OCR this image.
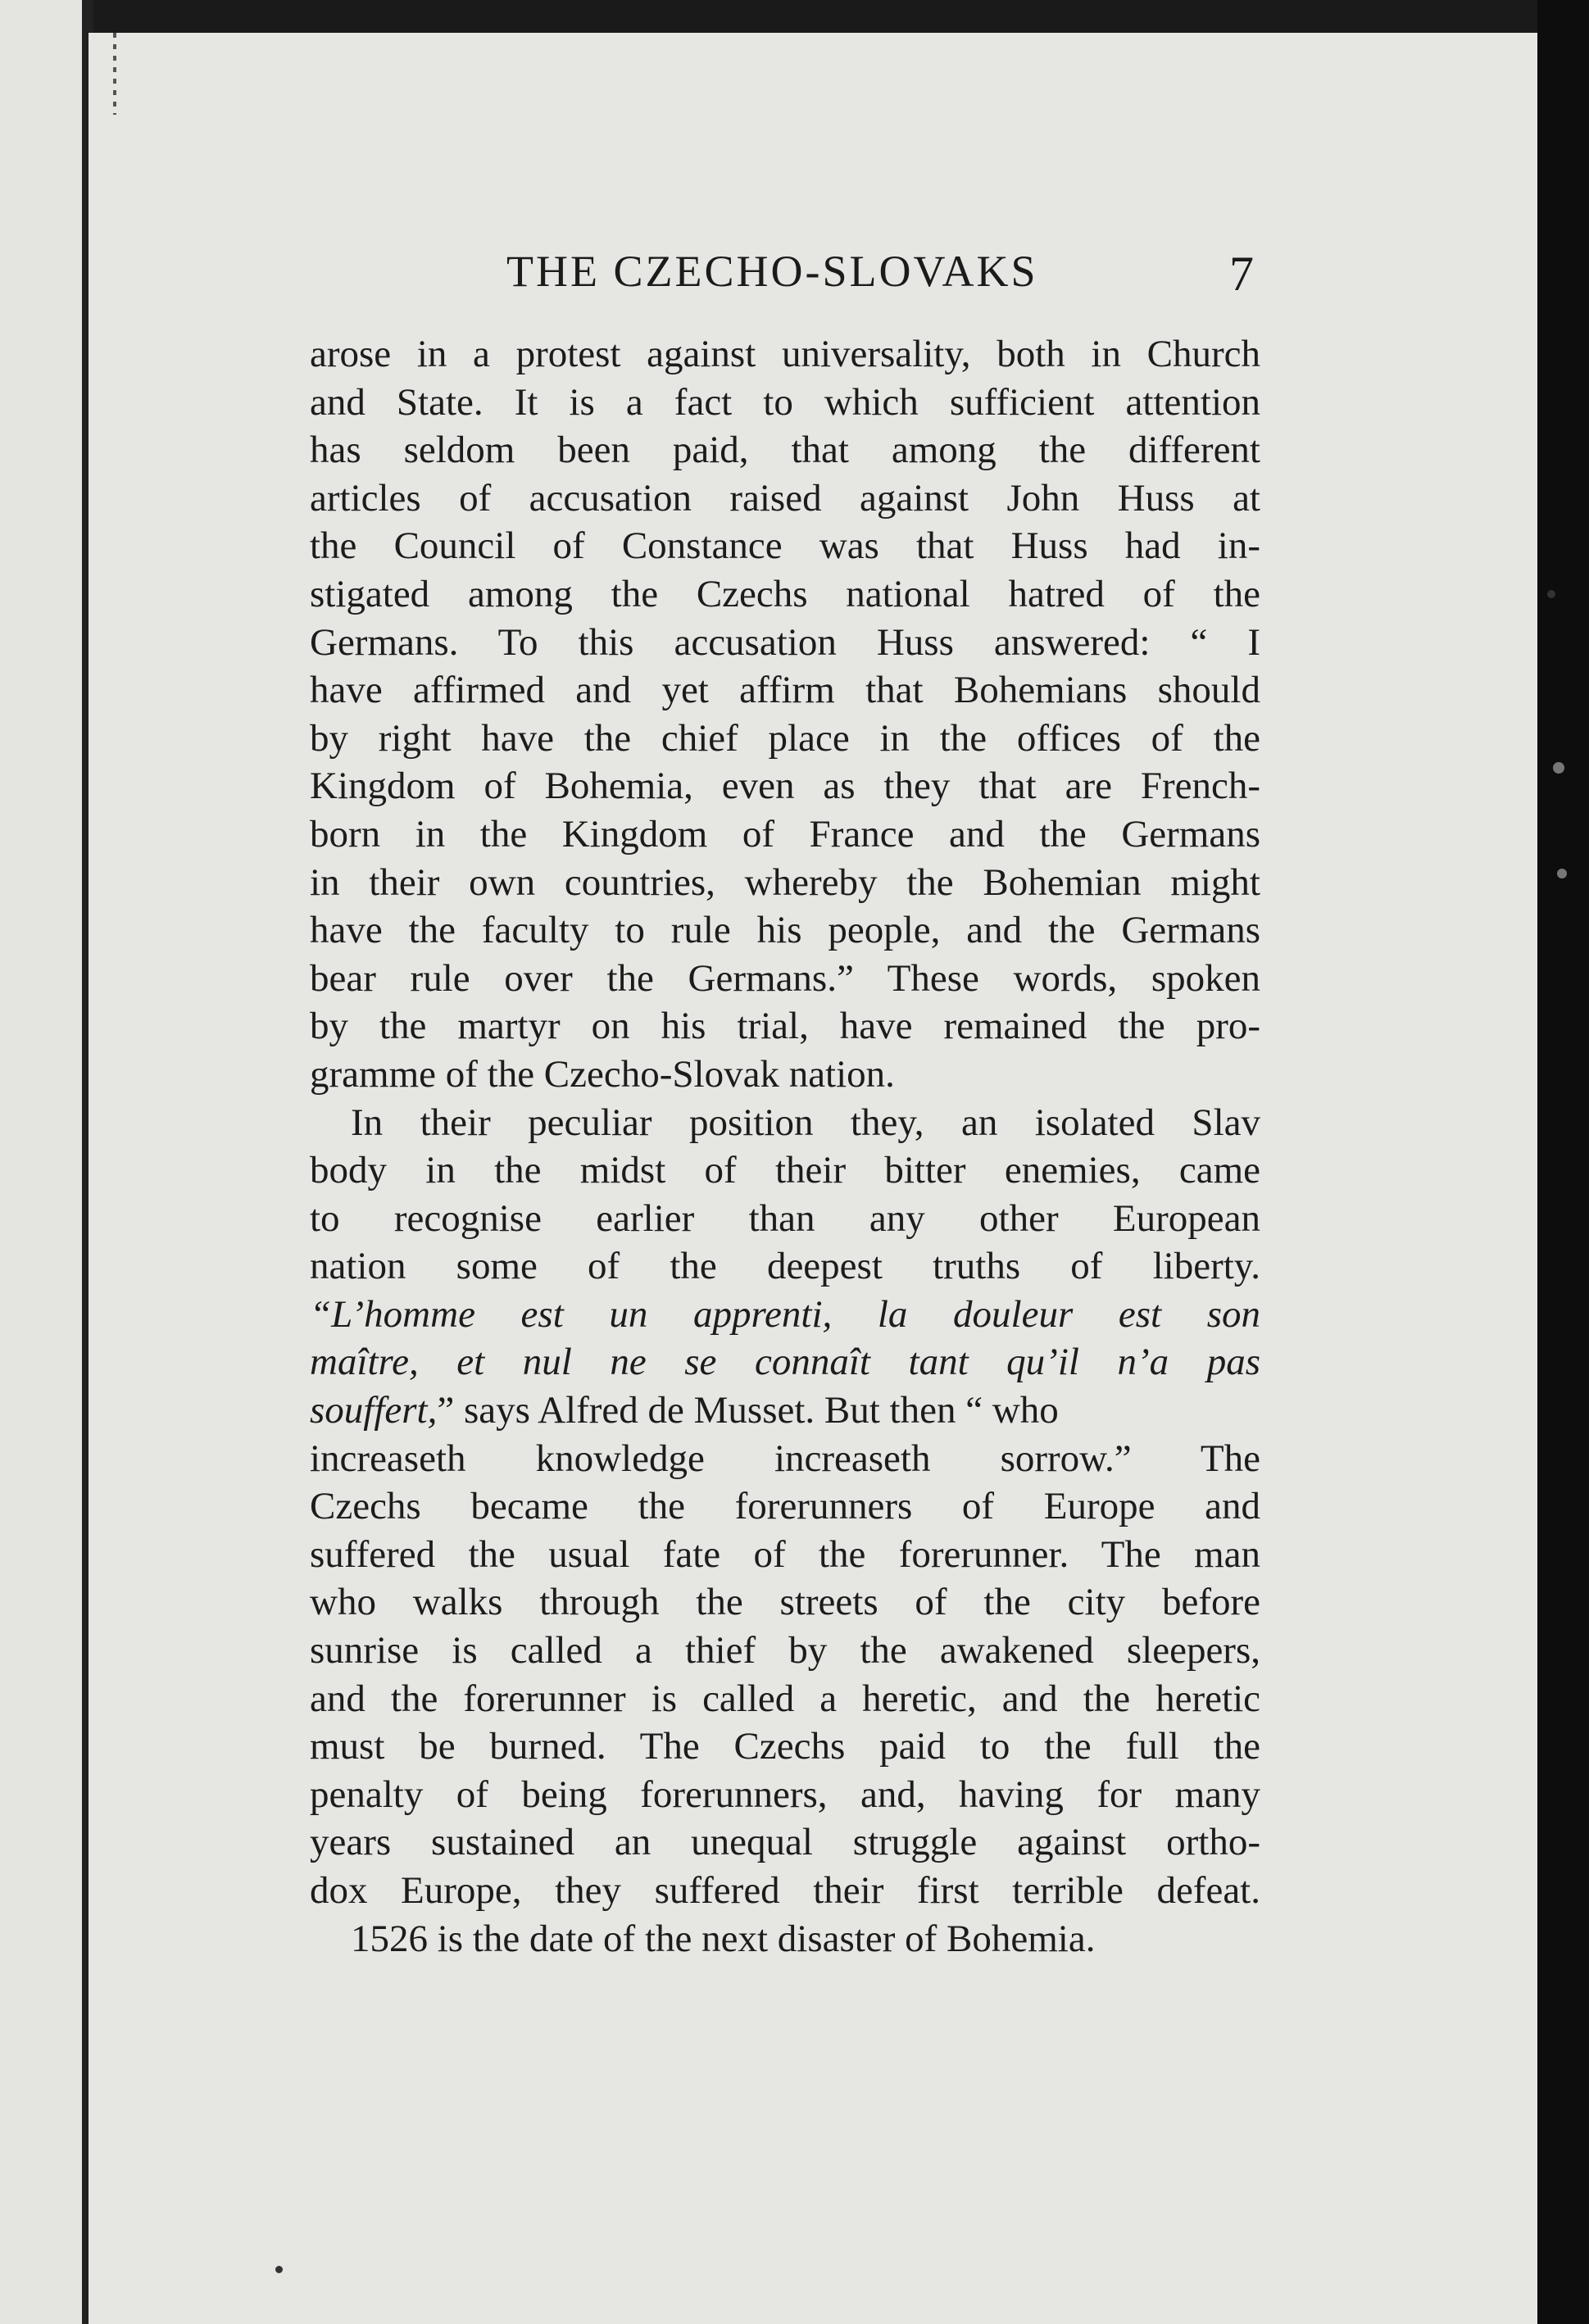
THE CZECHO-SLOVAKS	7
arose in a protest against universality, both in Church
and State. It is a fact to which sufficient attention
has seldom been paid, that among the different
articles of accusation raised against John Huss at
the Council of Constance was that Huss had in-
stigated among the Czechs national hatred of the
Germans. To this accusation Huss answered: “ I
have affirmed and yet affirm that Bohemians should
by right have the chief place in the offices of the
Kingdom of Bohemia, even as they that are French-
born in the Kingdom of France and the Germans
in their own countries, whereby the Bohemian might
have the faculty to rule his people, and the Germans
bear rule over the Germans.” These words, spoken
by the martyr on his trial, have remained the pro-
gramme of the Czecho-Slovak nation.
In their peculiar position they, an isolated Slav
body in the midst of their bitter enemies, came
to recognise earlier than any other European
nation some of the deepest truths of liberty.
“L’homme est un apprenti, la douleur est son
maître, et nul ne se connaît tant qu’il n’a pas
souffert,” says Alfred de Musset. But then “ who
increaseth knowledge increaseth sorrow.” The
Czechs became the forerunners of Europe and
suffered the usual fate of the forerunner. The man
who walks through the streets of the city before
sunrise is called a thief by the awakened sleepers,
and the forerunner is called a heretic, and the heretic
must be burned. The Czechs paid to the full the
penalty of being forerunners, and, having for many
years sustained an unequal struggle against ortho-
dox Europe, they suffered their first terrible defeat.
1526 is the date of the next disaster of Bohemia.
